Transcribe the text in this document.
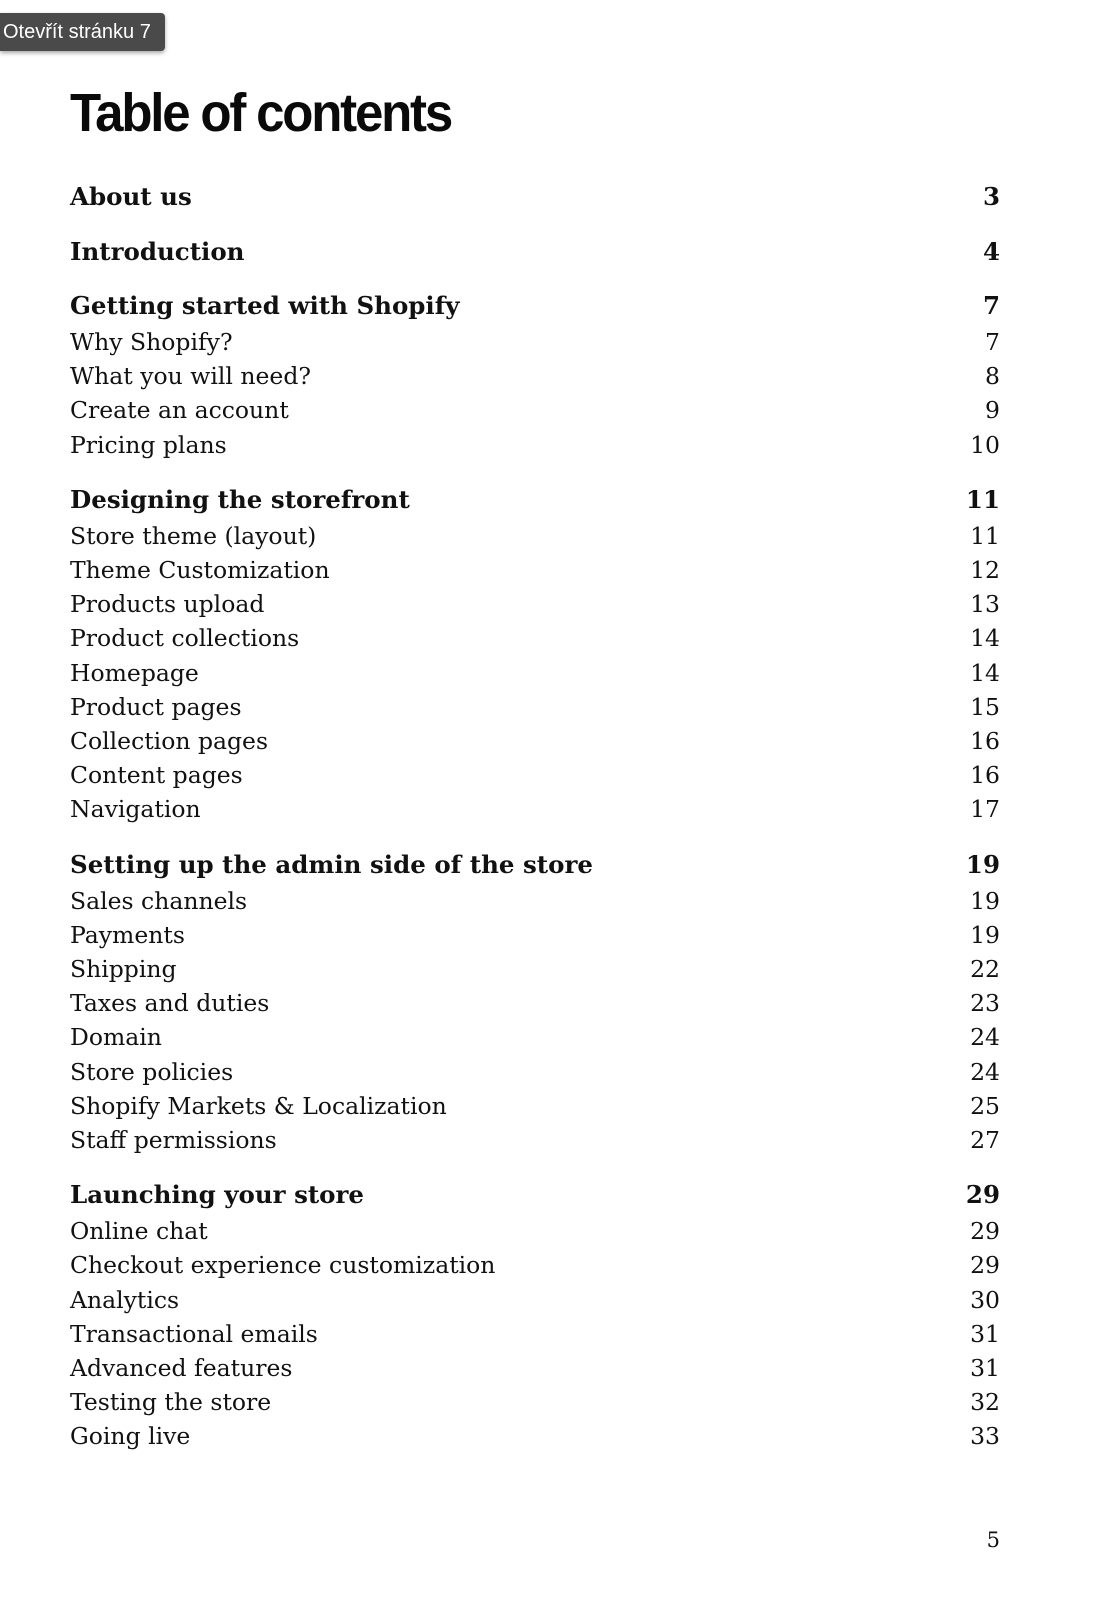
Otevřít stránku 7
Table of contents
About us	3
Introduction	4
Getting started with Shopify	7
Why Shopify?	7
What you will need?	8
Create an account	9
Pricing plans	10
Designing the storefront	11
Store theme (layout)	11
Theme Customization	12
Products upload	13
Product collections	14
Homepage	14
Product pages	15
Collection pages	16
Content pages	16
Navigation	17
Setting up the admin side of the store	19
Sales channels	19
Payments	19
Shipping	22
Taxes and duties	23
Domain	24
Store policies	24
Shopify Markets & Localization	25
Staff permissions	27
Launching your store	29
Online chat	29
Checkout experience customization	29
Analytics	30
Transactional emails	31
Advanced features	31
Testing the store	32
Going live	33
5
